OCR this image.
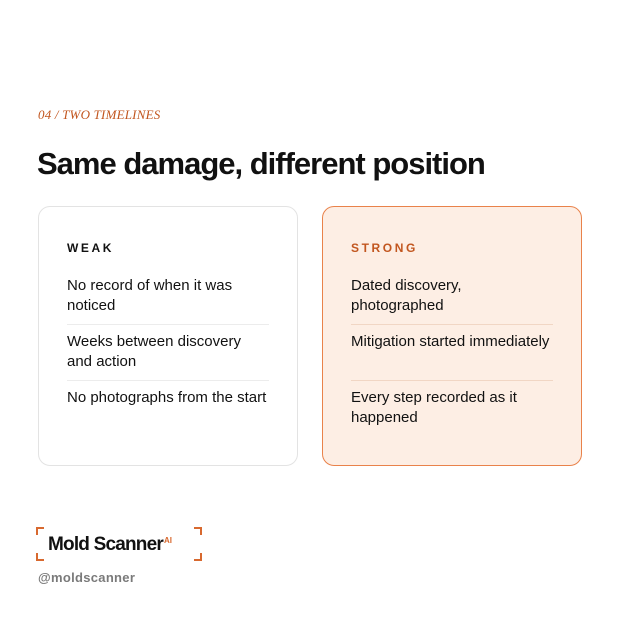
04 / TWO TIMELINES
Same damage, different position
WEAK
No record of when it was noticed
Weeks between discovery and action
No photographs from the start
STRONG
Dated discovery, photographed
Mitigation started immediately
Every step recorded as it happened
Mold Scanner$^{AI}$
@moldscanner
